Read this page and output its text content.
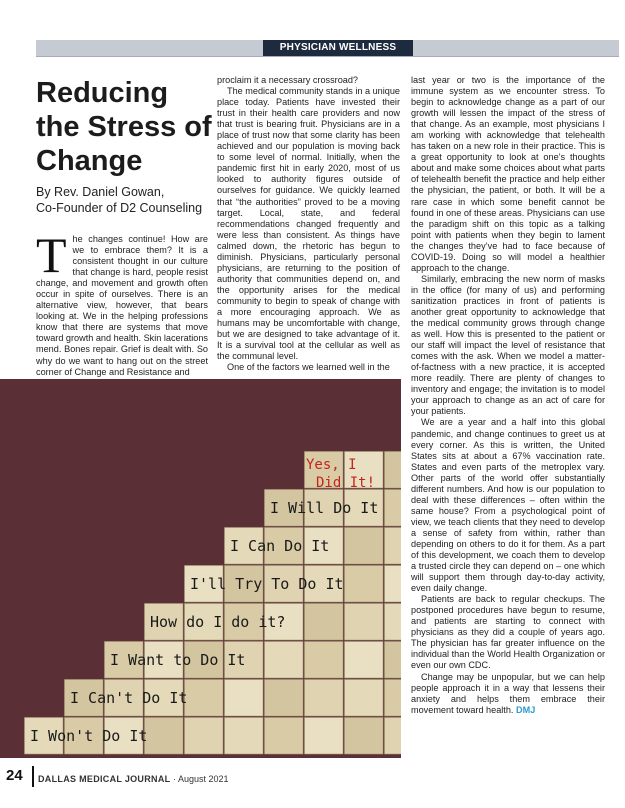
PHYSICIAN WELLNESS
Reducing the Stress of Change
By Rev. Daniel Gowan,
Co-Founder of D2 Counseling
T he changes continue! How are we to embrace them? It is a consistent thought in our culture that change is hard, people resist change, and movement and growth often occur in spite of ourselves. There is an alternative view, however, that bears looking at. We in the helping professions know that there are systems that move toward growth and health. Skin lacerations mend. Bones repair. Grief is dealt with. So why do we want to hang out on the street corner of Change and Resistance and

proclaim it a necessary crossroad?

The medical community stands in a unique place today. Patients have invested their trust in their health care providers and now that trust is bearing fruit. Physicians are in a place of trust now that some clarity has been achieved and our population is moving back to some level of normal. Initially, when the pandemic first hit in early 2020, most of us looked to authority figures outside of ourselves for guidance. We quickly learned that “the authorities” proved to be a moving target. Local, state, and federal recommendations changed frequently and were less than consistent. As things have calmed down, the rhetoric has begun to diminish. Physicians, particularly personal physicians, are returning to the position of authority that communities depend on, and the opportunity arises for the medical community to begin to speak of change with a more encouraging approach. We as humans may be uncomfortable with change, but we are designed to take advantage of it. It is a survival tool at the cellular as well as the communal level.

One of the factors we learned well in the

last year or two is the importance of the immune system as we encounter stress. To begin to acknowledge change as a part of our growth will lessen the impact of the stress of that change. As an example, most physicians I am working with acknowledge that telehealth has taken on a new role in their practice. This is a great opportunity to look at one’s thoughts about and make some choices about what parts of telehealth benefit the practice and help either the physician, the patient, or both. It will be a rare case in which some benefit cannot be found in one of these areas. Physicians can use the paradigm shift on this topic as a talking point with patients when they begin to lament the changes they’ve had to face because of COVID-19. Doing so will model a healthier approach to the change.

Similarly, embracing the new norm of masks in the office (for many of us) and performing sanitization practices in front of patients is another great opportunity to acknowledge that the medical community grows through change as well. How this is presented to the patient or our staff will impact the level of resistance that comes with the ask. When we model a matter-of-factness with a new practice, it is accepted more readily. There are plenty of changes to inventory and engage; the invitation is to model your approach to change as an act of care for your patients.

We are a year and a half into this global pandemic, and change continues to greet us at every corner. As this is written, the United States sits at about a 67% vaccination rate. States and even parts of the metroplex vary. Other parts of the world offer substantially different numbers. And how is our population to deal with these differences – often within the same house? From a psychological point of view, we teach clients that they need to develop a sense of safety from within, rather than depending on others to do it for them. As a part of this development, we coach them to develop a trusted circle they can depend on – one which will support them through day-to-day activity, even daily change.

Patients are back to regular checkups. The postponed procedures have begun to resume, and patients are starting to connect with physicians as they did a couple of years ago. The physician has far greater influence on the individual than the World Health Organization or even our own CDC.

Change may be unpopular, but we can help people approach it in a way that lessens their anxiety and helps them embrace their movement toward health. DMJ

I Won't Do It
I Can't Do It
I Want to Do It
How do I do it?
I'll Try To Do It
I Can Do It
I Will Do It
Yes, I
Did It!
24 DALLAS MEDICAL JOURNAL · August 2021
